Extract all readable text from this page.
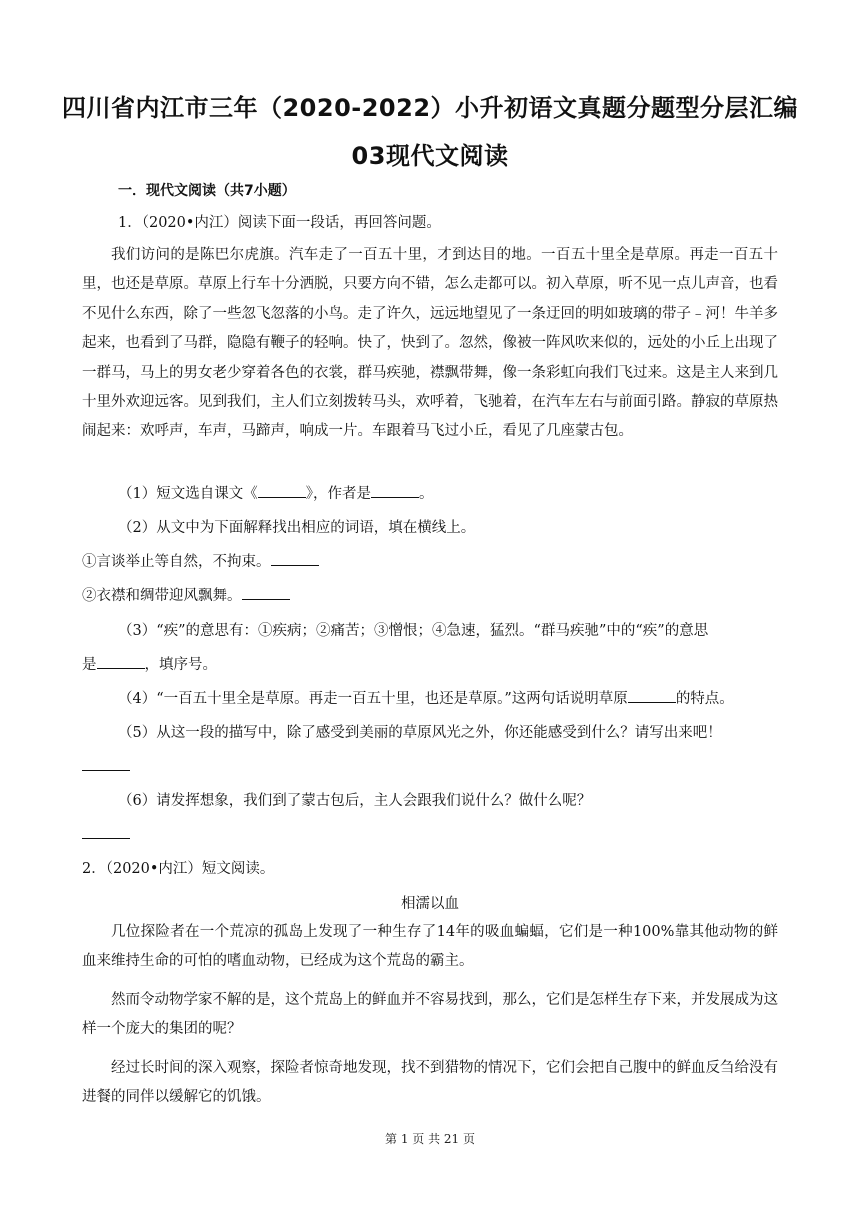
四川省内江市三年（2020-2022）小升初语文真题分题型分层汇编
03现代文阅读
一．现代文阅读（共7小题）
1．（2020•内江）阅读下面一段话，再回答问题。
我们访问的是陈巴尔虎旗。汽车走了一百五十里，才到达目的地。一百五十里全是草原。再走一百五十里，也还是草原。草原上行车十分洒脱，只要方向不错，怎么走都可以。初入草原，听不见一点儿声音，也看不见什么东西，除了一些忽飞忽落的小鸟。走了许久，远远地望见了一条迂回的明如玻璃的带子﹣河！牛羊多起来，也看到了马群，隐隐有鞭子的轻响。快了，快到了。忽然，像被一阵风吹来似的，远处的小丘上出现了一群马，马上的男女老少穿着各色的衣裳，群马疾驰，襟飘带舞，像一条彩虹向我们飞过来。这是主人来到几十里外欢迎远客。见到我们，主人们立刻拨转马头，欢呼着，飞驰着，在汽车左右与前面引路。静寂的草原热闹起来：欢呼声，车声，马蹄声，响成一片。车跟着马飞过小丘，看见了几座蒙古包。
（1）短文选自课文《	》，作者是	。
（2）从文中为下面解释找出相应的词语，填在横线上。
①言谈举止等自然，不拘束。
②衣襟和绸带迎风飘舞。
（3）“疾”的意思有：①疾病；②痛苦；③憎恨；④急速，猛烈。“群马疾驰”中的“疾”的意思
是	，填序号。
（4）“一百五十里全是草原。再走一百五十里，也还是草原。”这两句话说明草原	的特点。
（5）从这一段的描写中，除了感受到美丽的草原风光之外，你还能感受到什么？请写出来吧！
（6）请发挥想象，我们到了蒙古包后，主人会跟我们说什么？做什么呢？
2．（2020•内江）短文阅读。
相濡以血
几位探险者在一个荒凉的孤岛上发现了一种生存了14年的吸血蝙蝠，它们是一种100%靠其他动物的鲜血来维持生命的可怕的嗜血动物，已经成为这个荒岛的霸主。
然而令动物学家不解的是，这个荒岛上的鲜血并不容易找到，那么，它们是怎样生存下来，并发展成为这样一个庞大的集团的呢？
经过长时间的深入观察，探险者惊奇地发现，找不到猎物的情况下，它们会把自己腹中的鲜血反刍给没有进餐的同伴以缓解它的饥饿。
第 1 页 共 21 页
